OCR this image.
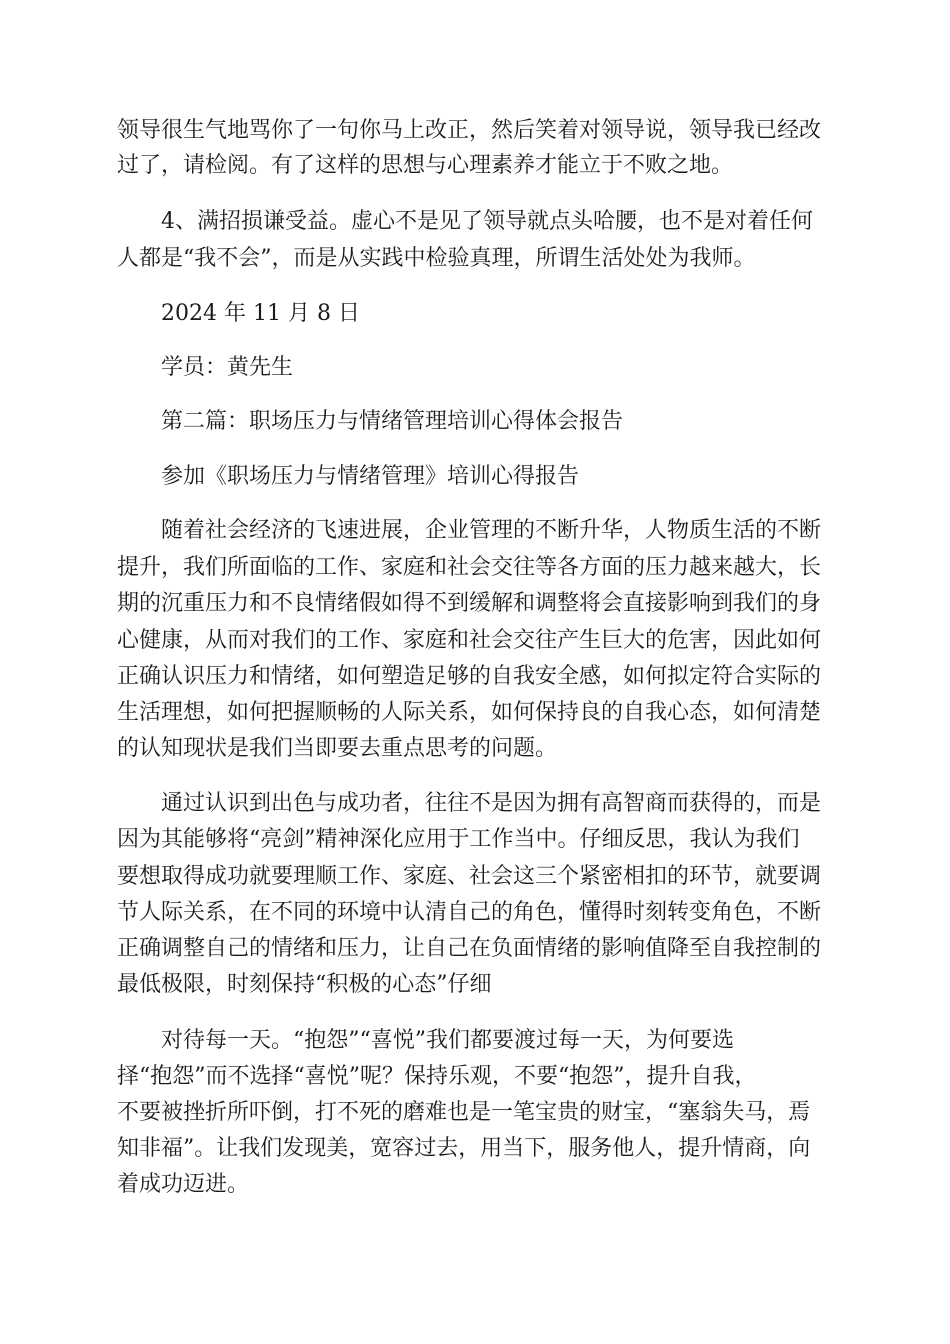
领导很生气地骂你了一句你马上改正，然后笑着对领导说，领导我已经改

过了，请检阅。有了这样的思想与心理素养才能立于不败之地。

4、满招损谦受益。虚心不是见了领导就点头哈腰，也不是对着任何

人都是“我不会”，而是从实践中检验真理，所谓生活处处为我师。

2024 年 11 月 8 日

学员：黄先生

第二篇：职场压力与情绪管理培训心得体会报告

参加《职场压力与情绪管理》培训心得报告

随着社会经济的飞速进展，企业管理的不断升华，人物质生活的不断

提升，我们所面临的工作、家庭和社会交往等各方面的压力越来越大，长

期的沉重压力和不良情绪假如得不到缓解和调整将会直接影响到我们的身

心健康，从而对我们的工作、家庭和社会交往产生巨大的危害，因此如何

正确认识压力和情绪，如何塑造足够的自我安全感，如何拟定符合实际的

生活理想，如何把握顺畅的人际关系，如何保持良的自我心态，如何清楚

的认知现状是我们当即要去重点思考的问题。

通过认识到出色与成功者，往往不是因为拥有高智商而获得的，而是

因为其能够将“亮剑”精神深化应用于工作当中。仔细反思，我认为我们

要想取得成功就要理顺工作、家庭、社会这三个紧密相扣的环节，就要调

节人际关系，在不同的环境中认清自己的角色，懂得时刻转变角色，不断

正确调整自己的情绪和压力，让自己在负面情绪的影响值降至自我控制的

最低极限，时刻保持“积极的心态”仔细

对待每一天。“抱怨”“喜悦”我们都要渡过每一天，为何要选

择“抱怨”而不选择“喜悦”呢？保持乐观，不要“抱怨”，提升自我，

不要被挫折所吓倒，打不死的磨难也是一笔宝贵的财宝，“塞翁失马，焉

知非福”。让我们发现美，宽容过去，用当下，服务他人，提升情商，向

着成功迈进。
